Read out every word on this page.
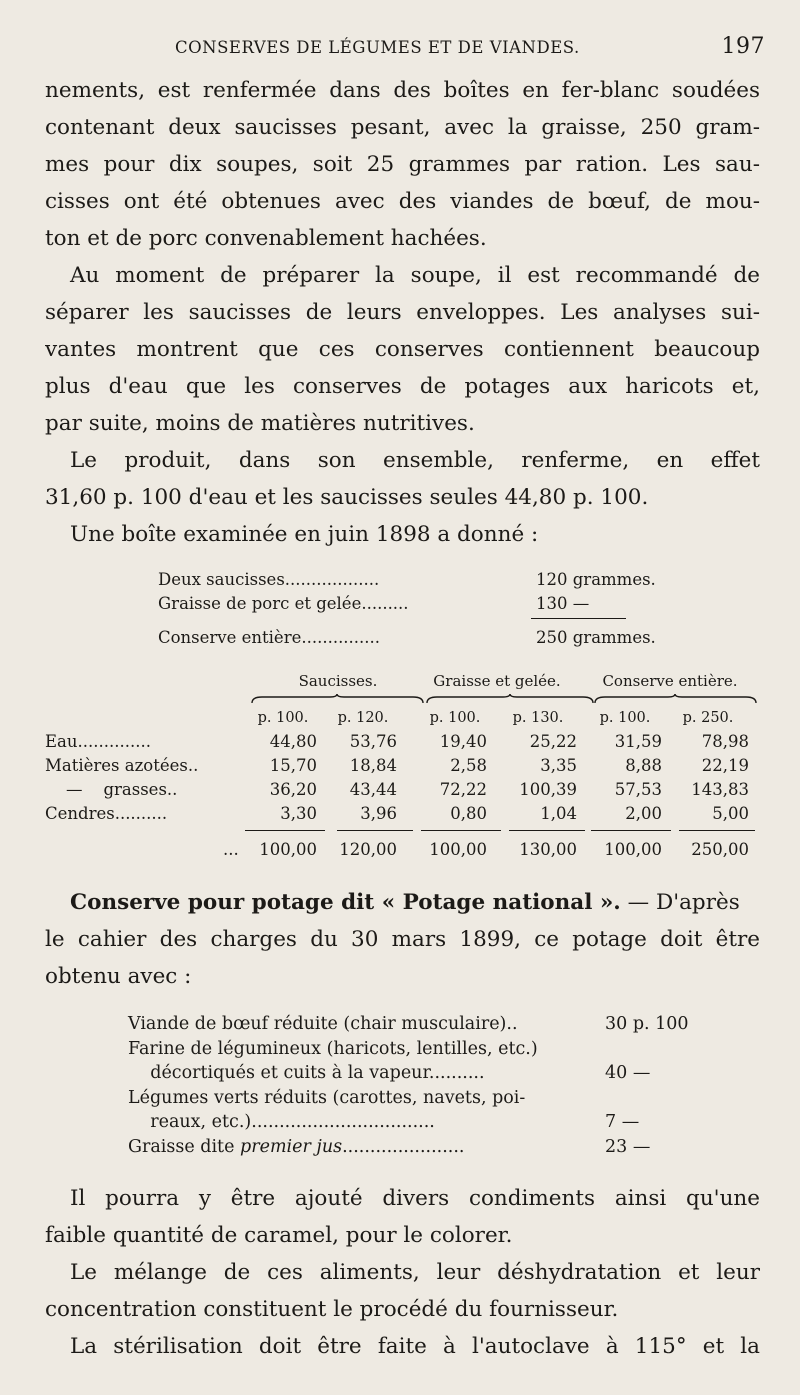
CONSERVES DE LÉGUMES ET DE VIANDES.	197
nements, est renfermée dans des boîtes en fer-blanc soudées
contenant deux saucisses pesant, avec la graisse, 250 gram-
mes pour dix soupes, soit 25 grammes par ration. Les sau-
cisses ont été obtenues avec des viandes de bœuf, de mou-
ton et de porc convenablement hachées.
Au moment de préparer la soupe, il est recommandé de
séparer les saucisses de leurs enveloppes. Les analyses sui-
vantes montrent que ces conserves contiennent beaucoup
plus d'eau que les conserves de potages aux haricots et,
par suite, moins de matières nutritives.
Le produit, dans son ensemble, renferme, en effet
31,60 p. 100 d'eau et les saucisses seules 44,80 p. 100.
Une boîte examinée en juin 1898 a donné :
Deux saucisses..................	120 grammes.
Graisse de porc et gelée.........	130 —
Conserve entière...............	250 grammes.
Saucisses.	Graisse et gelée.	Conserve entière.
p. 100.	p. 120.	p. 100.	p. 130.	p. 100.	p. 250.
Eau..............	44,80 53,76	19,40	25,22 31,59 78,98
Matières azotées..	15,70 18,84	2,58	3,35	8,88 22,19
—    grasses..	36,20 43,44	72,22 100,39 57,53 143,83
Cendres..........	3,30	3,96	0,80	1,04	2,00	5,00
... 100,00 120,00 100,00 130,00 100,00 250,00
Conserve pour potage dit « Potage national ». — D'après
le cahier des charges du 30 mars 1899, ce potage doit être
obtenu avec :
Viande de bœuf réduite (chair musculaire)..	30 p. 100
Farine de légumineux (haricots, lentilles, etc.)
décortiqués et cuits à la vapeur..........	40 —
Légumes verts réduits (carottes, navets, poi-
reaux, etc.).................................	7 —
Graisse dite premier jus......................	23 —
Il pourra y être ajouté divers condiments ainsi qu'une
faible quantité de caramel, pour le colorer.
Le mélange de ces aliments, leur déshydratation et leur
concentration constituent le procédé du fournisseur.
La stérilisation doit être faite à l'autoclave à 115° et la
